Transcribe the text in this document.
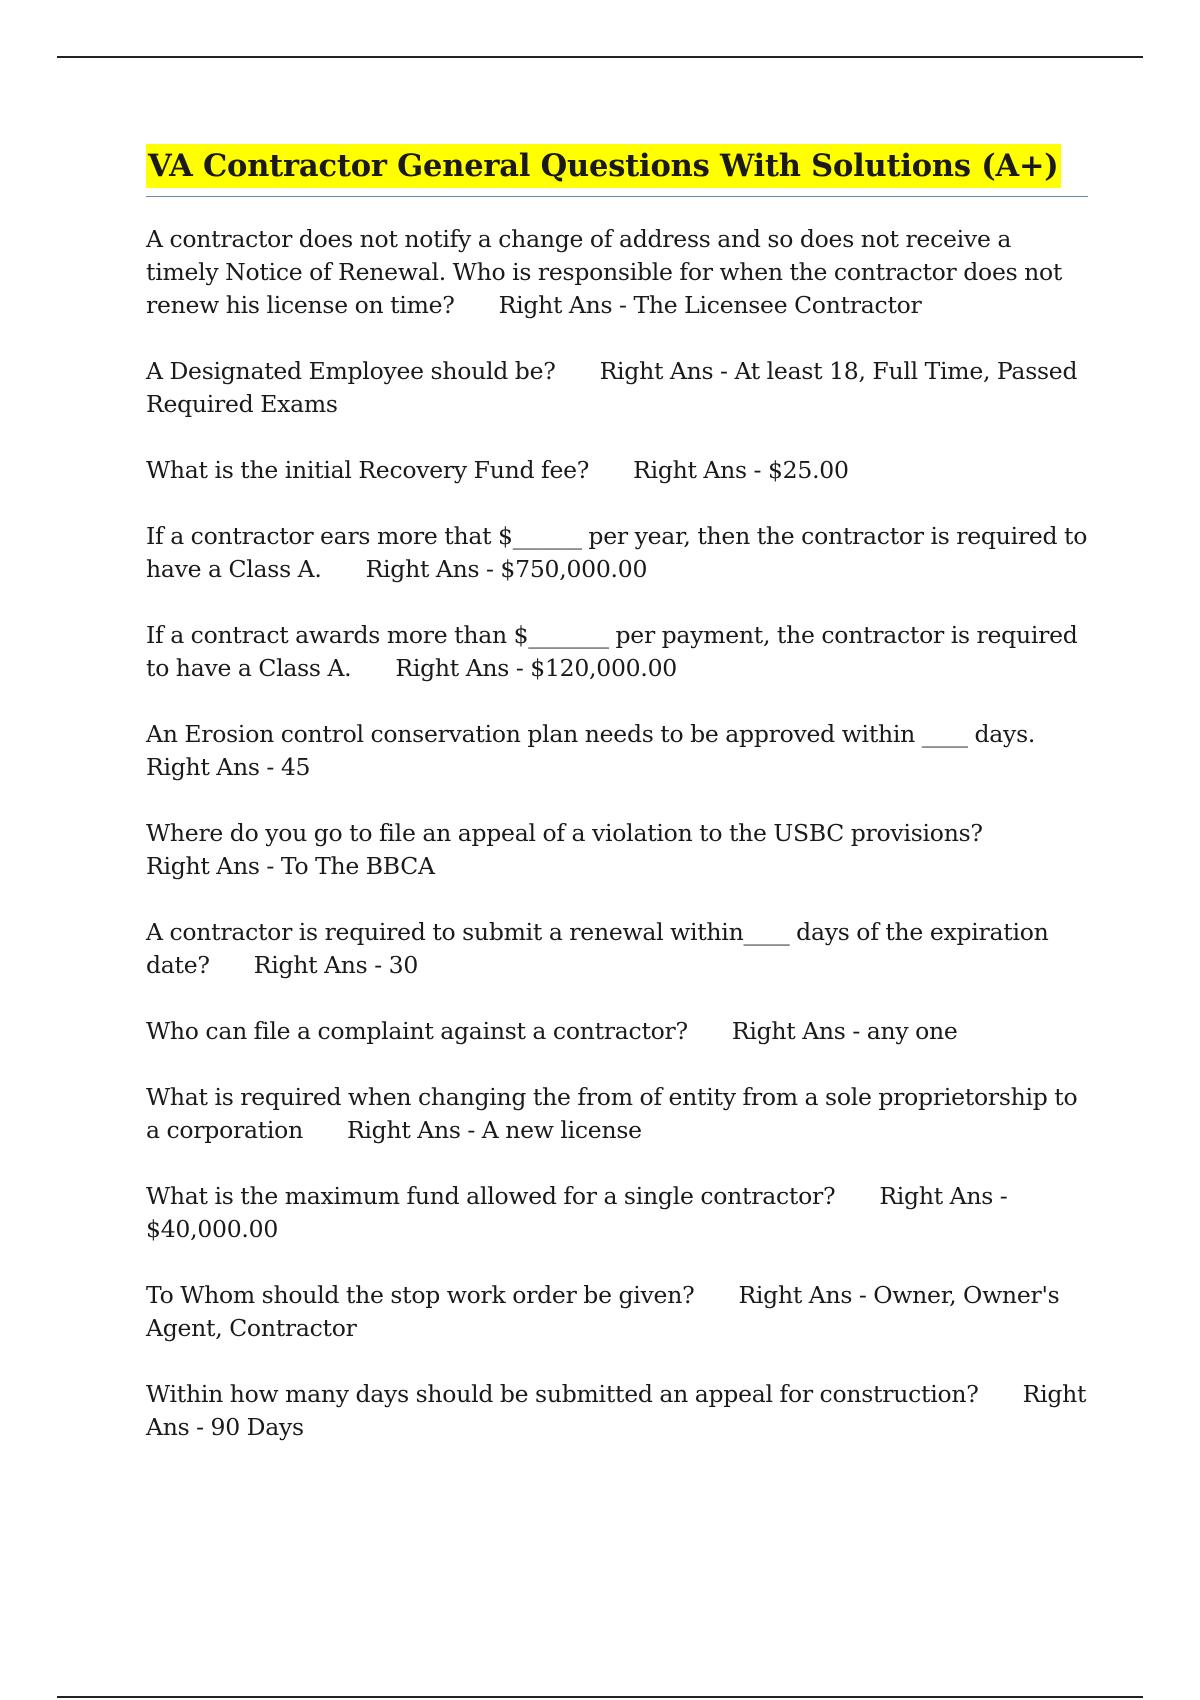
VA Contractor General Questions With Solutions (A+)
A contractor does not notify a change of address and so does not receive a timely Notice of Renewal. Who is responsible for when the contractor does not renew his license on time? Right Ans - The Licensee Contractor
A Designated Employee should be? Right Ans - At least 18, Full Time, Passed Required Exams
What is the initial Recovery Fund fee? Right Ans - $25.00
If a contractor ears more that $______ per year, then the contractor is required to have a Class A. Right Ans - $750,000.00
If a contract awards more than $_______ per payment, the contractor is required to have a Class A. Right Ans - $120,000.00
An Erosion control conservation plan needs to be approved within ____ days.Right Ans - 45
Where do you go to file an appeal of a violation to the USBC provisions?Right Ans - To The BBCA
A contractor is required to submit a renewal within____ days of the expiration date? Right Ans - 30
Who can file a complaint against a contractor? Right Ans - any one
What is required when changing the from of entity from a sole proprietorship to a corporation Right Ans - A new license
What is the maximum fund allowed for a single contractor? Right Ans - $40,000.00
To Whom should the stop work order be given? Right Ans - Owner, Owner's Agent, Contractor
Within how many days should be submitted an appeal for construction? Right Ans - 90 Days
